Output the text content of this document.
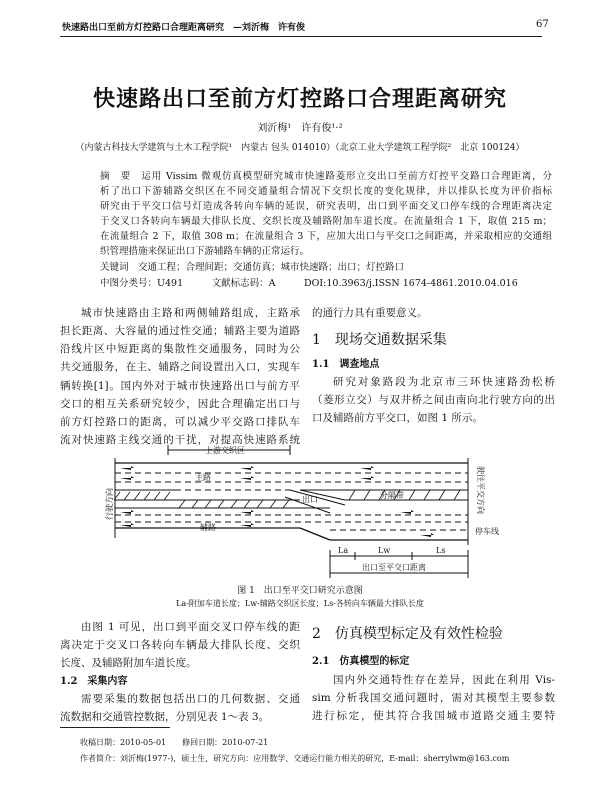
快速路出口至前方灯控路口合理距离研究　—刘沂梅　许有俊	67
快速路出口至前方灯控路口合理距离研究
刘沂梅¹　许有俊¹·²
（内蒙古科技大学建筑与土木工程学院¹　内蒙古 包头 014010）（北京工业大学建筑工程学院²　北京 100124）
摘　要　运用 Vissim 微观仿真模型研究城市快速路菱形立交出口至前方灯控平交路口合理距离，分
析了出口下游辅路交织区在不同交通量组合情况下交织长度的变化规律，并以排队长度为评价指标
研究由于平交口信号灯造成各转向车辆的延误，研究表明，出口到平面交叉口停车线的合理距离决定
于交叉口各转向车辆最大排队长度、交织长度及辅路附加车道长度。在流量组合 1 下，取值 215 m；
在流量组合 2 下，取值 308 m；在流量组合 3 下，应加大出口与平交口之间距离，并采取相应的交通组
织管理措施来保证出口下游辅路车辆的正常运行。
关键词　交通工程；合理间距；交通仿真；城市快速路；出口；灯控路口
中图分类号：U491　　　文献标志码：A　　　DOI:10.3963/j.ISSN 1674-4861.2010.04.016
城市快速路由主路和两侧辅路组成，主路承
担长距离、大容量的通过性交通；辅路主要为道路
沿线片区中短距离的集散性交通服务，同时为公
共交通服务，在主、辅路之间设置出入口，实现车
辆转换[1]。国内外对于城市快速路出口与前方平
交口的相互关系研究较少，因此合理确定出口与
前方灯控路口的距离，可以减少平交路口排队车
流对快速路主线交通的干扰，对提高快速路系统
的通行力具有重要意义。
1　现场交通数据采集
1.1　调查地点
研究对象路段为北京市三环快速路劲松桥
（菱形立交）与双井桥之间由南向北行驶方向的出
口及辅路前方平交口，如图 1 所示。
上游交织区
主路
辅路
分隔带
出口
停车线
行驶方向	驶往平交方向
La	Lw	Ls
出口至平交口距离
图 1　出口至平交口研究示意图
La-附加车道长度；Lw-辅路交织区长度；Ls-各转向车辆最大排队长度
由图 1 可见，出口到平面交叉口停车线的距
离决定于交叉口各转向车辆最大排队长度、交织
长度、及辅路附加车道长度。
1.2　采集内容
需要采集的数据包括出口的几何数据、交通
流数据和交通管控数据，分别见表 1～表 3。
2　仿真模型标定及有效性检验
2.1　仿真模型的标定
国内外交通特性存在差异，因此在利用 Vis-
sim 分析我国交通问题时，需对其模型主要参数
进行标定，使其符合我国城市道路交通主要特
收稿日期：2010-05-01　　修回日期：2010-07-21
作者简介：刘沂梅(1977-)，硕士生，研究方向：应用数学、交通运行能力相关的研究，E-mail：sherrylwm@163.com
